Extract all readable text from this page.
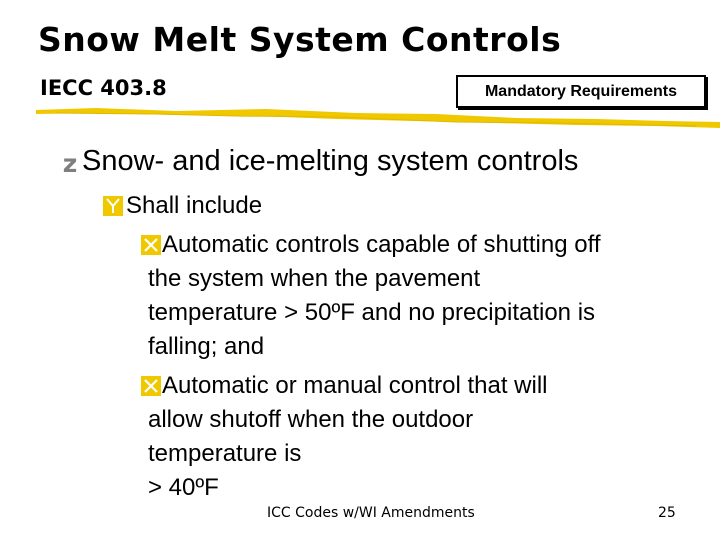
Snow Melt System Controls
IECC 403.8	Mandatory Requirements
z Snow- and ice-melting system controls
Shall include
Automatic controls capable of shutting off
the system when the pavement
temperature > 50ºF and no precipitation is
falling; and
Automatic or manual control that will
allow shutoff when the outdoor
temperature is
> 40ºF
ICC Codes w/WI Amendments	25
